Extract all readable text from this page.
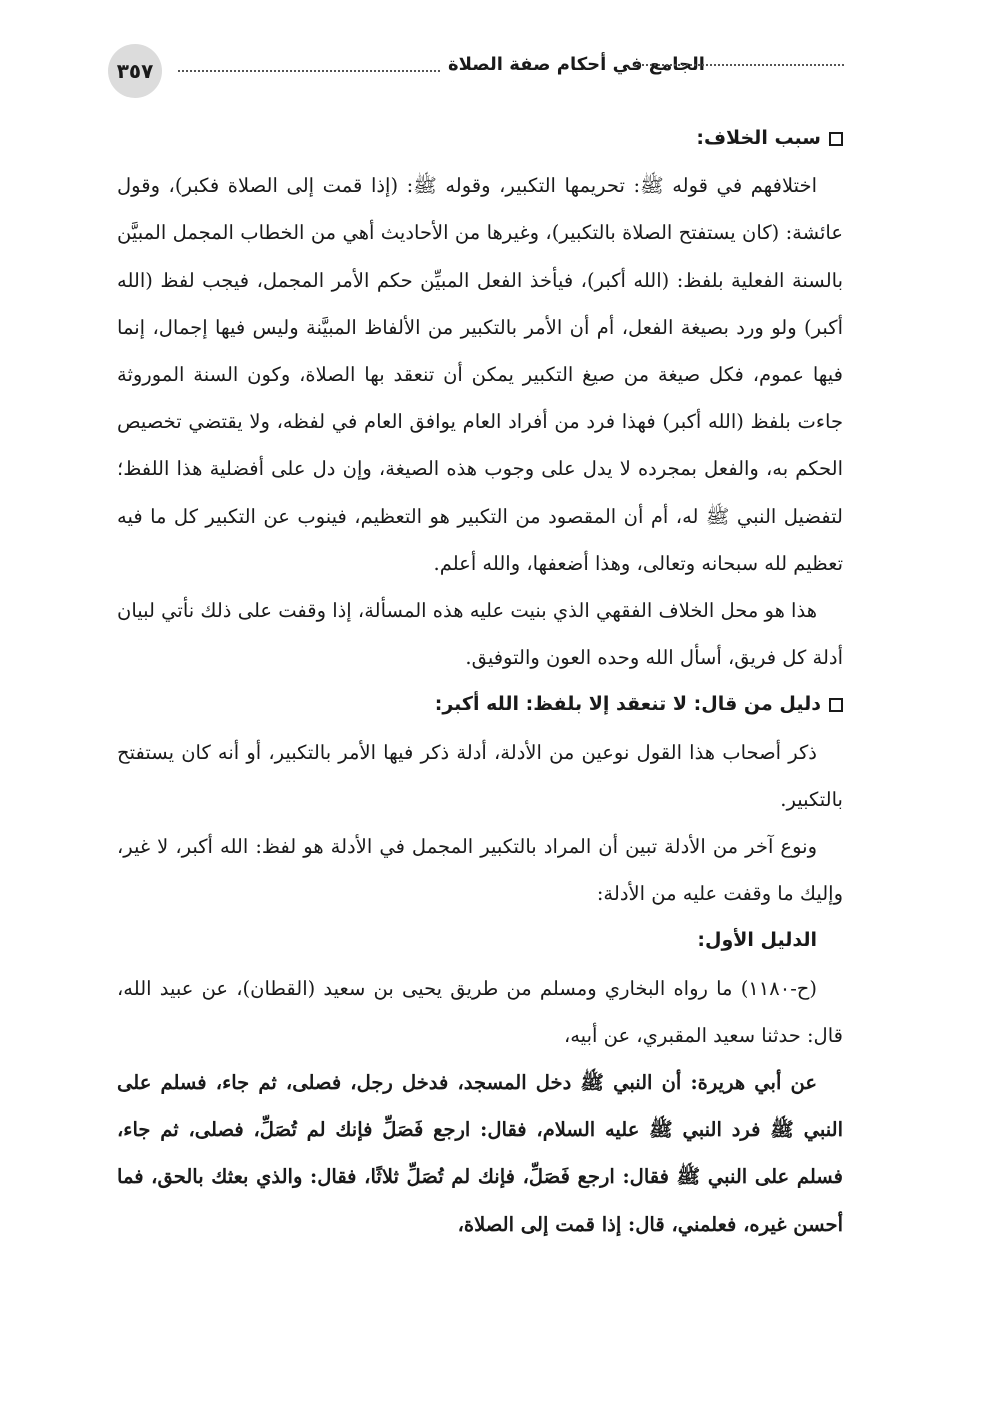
٣٥٧	الجامع في أحكام صفة الصلاة

سبب الخلاف:

اختلافهم في قوله ﷺ: تحريمها التكبير، وقوله ﷺ: (إذا قمت إلى الصلاة فكبر)، وقول عائشة: (كان يستفتح الصلاة بالتكبير)، وغيرها من الأحاديث أهي من الخطاب المجمل المبيَّن بالسنة الفعلية بلفظ: (الله أكبر)، فيأخذ الفعل المبيِّن حكم الأمر المجمل، فيجب لفظ (الله أكبر) ولو ورد بصيغة الفعل، أم أن الأمر بالتكبير من الألفاظ المبيَّنة وليس فيها إجمال، إنما فيها عموم، فكل صيغة من صيغ التكبير يمكن أن تنعقد بها الصلاة، وكون السنة الموروثة جاءت بلفظ (الله أكبر) فهذا فرد من أفراد العام يوافق العام في لفظه، ولا يقتضي تخصيص الحكم به، والفعل بمجرده لا يدل على وجوب هذه الصيغة، وإن دل على أفضلية هذا اللفظ؛ لتفضيل النبي ﷺ له، أم أن المقصود من التكبير هو التعظيم، فينوب عن التكبير كل ما فيه تعظيم لله سبحانه وتعالى، وهذا أضعفها، والله أعلم.

هذا هو محل الخلاف الفقهي الذي بنيت عليه هذه المسألة، إذا وقفت على ذلك نأتي لبيان أدلة كل فريق، أسأل الله وحده العون والتوفيق.

دليل من قال: لا تنعقد إلا بلفظ: الله أكبر:

ذكر أصحاب هذا القول نوعين من الأدلة، أدلة ذكر فيها الأمر بالتكبير، أو أنه كان يستفتح بالتكبير.

ونوع آخر من الأدلة تبين أن المراد بالتكبير المجمل في الأدلة هو لفظ: الله أكبر، لا غير، وإليك ما وقفت عليه من الأدلة:

الدليل الأول:

(ح-١١٨٠) ما رواه البخاري ومسلم من طريق يحيى بن سعيد (القطان)، عن عبيد الله، قال: حدثنا سعيد المقبري، عن أبيه،

عن أبي هريرة: أن النبي ﷺ دخل المسجد، فدخل رجل، فصلى، ثم جاء، فسلم على النبي ﷺ فرد النبي ﷺ عليه السلام، فقال: ارجع فَصَلِّ فإنك لم تُصَلِّ، فصلى، ثم جاء، فسلم على النبي ﷺ فقال: ارجع فَصَلِّ، فإنك لم تُصَلِّ ثلاثًا، فقال: والذي بعثك بالحق، فما أحسن غيره، فعلمني، قال: إذا قمت إلى الصلاة،
